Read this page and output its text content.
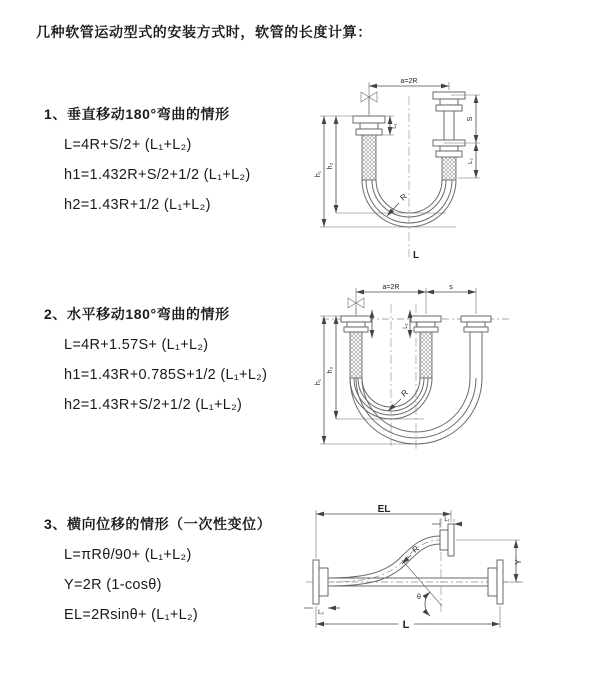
几种软管运动型式的安装方式时，软管的长度计算：

1、垂直移动180°弯曲的情形

L=4R+S/2+ (L₁+L₂)

h1=1.432R+S/2+1/2 (L₁+L₂)

h2=1.43R+1/2 (L₁+L₂)

a=2R
h₁
h₂
L₁
S
L₂
R
L

2、水平移动180°弯曲的情形

L=4R+1.57S+ (L₁+L₂)

h1=1.43R+0.785S+1/2 (L₁+L₂)

h2=1.43R+S/2+1/2 (L₁+L₂)

a=2R	s
h₁
h₂
L₁
R

3、横向位移的情形（一次性变位）

L=πRθ/90+ (L₁+L₂)

Y=2R (1-cosθ)

EL=2Rsinθ+ (L₁+L₂)

EL
L₁
Y
L
L₂
θ
R
